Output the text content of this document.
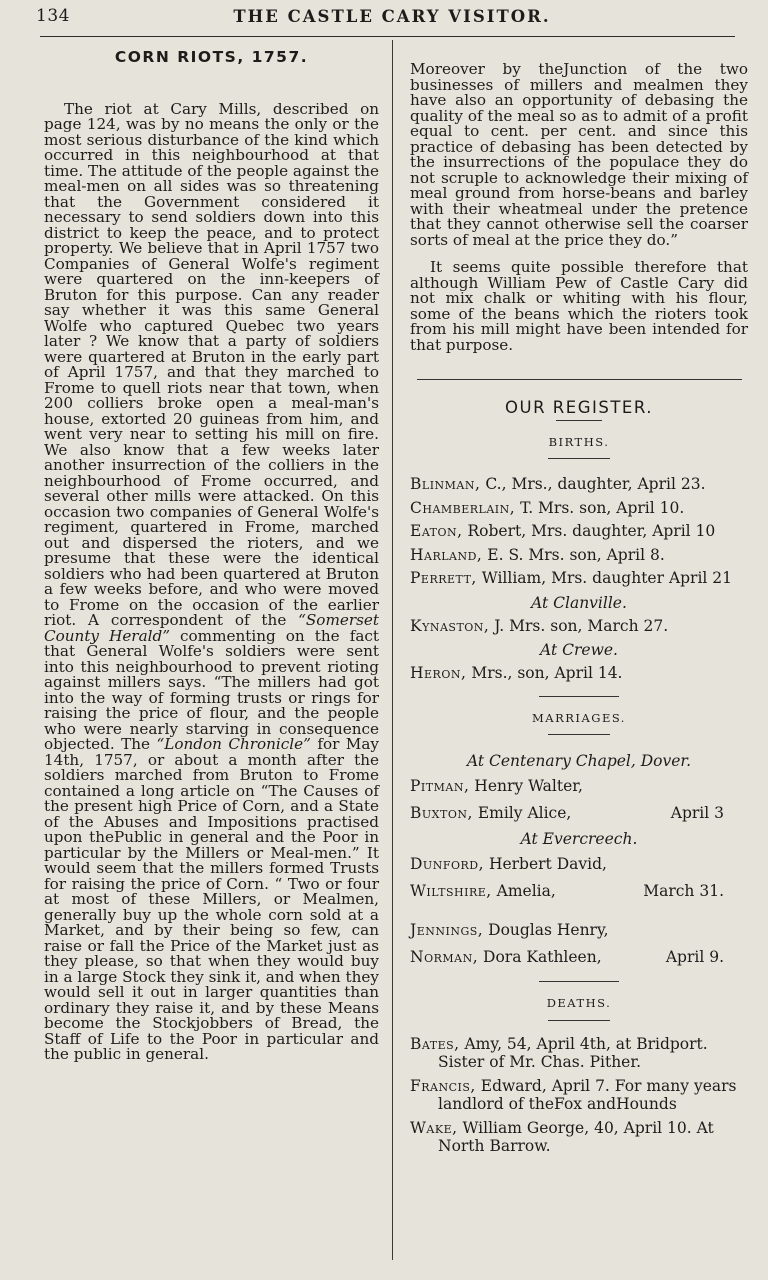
134	THE CASTLE CARY VISITOR.
CORN RIOTS, 1757.

The riot at Cary Mills, described on page 124, was by no means the only or the most serious disturbance of the kind which occurred in this neighbourhood at that time. The attitude of the people against the meal-men on all sides was so threatening that the Government considered it necessary to send soldiers down into this district to keep the peace, and to protect property. We believe that in April 1757 two Companies of General Wolfe's regiment were quartered on the inn-keepers of Bruton for this purpose. Can any reader say whether it was this same General Wolfe who captured Quebec two years later ? We know that a party of soldiers were quartered at Bruton in the early part of April 1757, and that they marched to Frome to quell riots near that town, when 200 colliers broke open a meal-man's house, extorted 20 guineas from him, and went very near to setting his mill on fire. We also know that a few weeks later another insurrection of the colliers in the neighbourhood of Frome occurred, and several other mills were attacked. On this occasion two companies of General Wolfe's regiment, quartered in Frome, marched out and dispersed the rioters, and we presume that these were the identical soldiers who had been quartered at Bruton a few weeks before, and who were moved to Frome on the occasion of the earlier riot. A correspondent of the “Somerset County Herald” commenting on the fact that General Wolfe's soldiers were sent into this neighbourhood to prevent rioting against millers says. “The millers had got into the way of forming trusts or rings for raising the price of flour, and the people who were nearly starving in consequence objected. The “London Chronicle” for May 14th, 1757, or about a month after the soldiers marched from Bruton to Frome contained a long article on “The Causes of the present high Price of Corn, and a State of the Abuses and Impositions practised upon thePublic in general and the Poor in particular by the Millers or Meal-men.” It would seem that the millers formed Trusts for raising the price of Corn. “ Two or four at most of these Millers, or Mealmen, generally buy up the whole corn sold at a Market, and by their being so few, can raise or fall the Price of the Market just as they please, so that when they would buy in a large Stock they sink it, and when they would sell it out in larger quantities than ordinary they raise it, and by these Means become the Stockjobbers of Bread, the Staff of Life to the Poor in particular and the public in general.

Moreover by theJunction of the two businesses of millers and mealmen they have also an opportunity of debasing the quality of the meal so as to admit of a profit equal to cent. per cent. and since this practice of debasing has been detected by the insurrections of the populace they do not scruple to acknowledge their mixing of meal ground from horse-beans and barley with their wheatmeal under the pretence that they cannot otherwise sell the coarser sorts of meal at the price they do.”

It seems quite possible therefore that although William Pew of Castle Cary did not mix chalk or whiting with his flour, some of the beans which the rioters took from his mill might have been intended for that purpose.

OUR REGISTER.
BIRTHS.
Blinman, C., Mrs., daughter, April 23.
Chamberlain, T. Mrs. son, April 10.
Eaton, Robert, Mrs. daughter, April 10
Harland, E. S. Mrs. son, April 8.
Perrett, William, Mrs. daughter April 21
At Clanville.
Kynaston, J. Mrs. son, March 27.
At Crewe.
Heron, Mrs., son, April 14.
MARRIAGES.
At Centenary Chapel, Dover.
Pitman, Henry Walter,
Buxton, Emily Alice,	April 3
At Evercreech.
Dunford, Herbert David,
Wiltshire, Amelia,	March 31.
Jennings, Douglas Henry,
Norman, Dora Kathleen,	April 9.
DEATHS.
Bates, Amy, 54, April 4th, at Bridport. Sister of Mr. Chas. Pither.
Francis, Edward, April 7. For many years landlord of theFox andHounds
Wake, William George, 40, April 10. At North Barrow.
